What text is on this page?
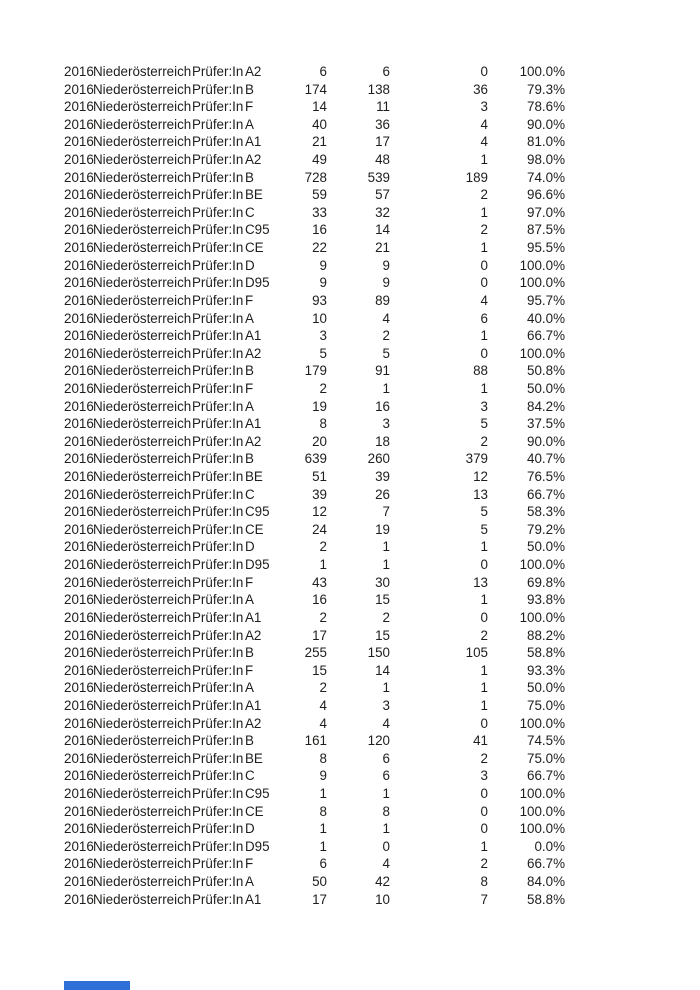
2016 Niederösterreich Prüfer:In A2	6	6	0	100.0%
2016 Niederösterreich Prüfer:In B	174	138	36	79.3%
2016 Niederösterreich Prüfer:In F	14	11	3	78.6%
2016 Niederösterreich Prüfer:In A	40	36	4	90.0%
2016 Niederösterreich Prüfer:In A1	21	17	4	81.0%
2016 Niederösterreich Prüfer:In A2	49	48	1	98.0%
2016 Niederösterreich Prüfer:In B	728	539	189	74.0%
2016 Niederösterreich Prüfer:In BE	59	57	2	96.6%
2016 Niederösterreich Prüfer:In C	33	32	1	97.0%
2016 Niederösterreich Prüfer:In C95	16	14	2	87.5%
2016 Niederösterreich Prüfer:In CE	22	21	1	95.5%
2016 Niederösterreich Prüfer:In D	9	9	0	100.0%
2016 Niederösterreich Prüfer:In D95	9	9	0	100.0%
2016 Niederösterreich Prüfer:In F	93	89	4	95.7%
2016 Niederösterreich Prüfer:In A	10	4	6	40.0%
2016 Niederösterreich Prüfer:In A1	3	2	1	66.7%
2016 Niederösterreich Prüfer:In A2	5	5	0	100.0%
2016 Niederösterreich Prüfer:In B	179	91	88	50.8%
2016 Niederösterreich Prüfer:In F	2	1	1	50.0%
2016 Niederösterreich Prüfer:In A	19	16	3	84.2%
2016 Niederösterreich Prüfer:In A1	8	3	5	37.5%
2016 Niederösterreich Prüfer:In A2	20	18	2	90.0%
2016 Niederösterreich Prüfer:In B	639	260	379	40.7%
2016 Niederösterreich Prüfer:In BE	51	39	12	76.5%
2016 Niederösterreich Prüfer:In C	39	26	13	66.7%
2016 Niederösterreich Prüfer:In C95	12	7	5	58.3%
2016 Niederösterreich Prüfer:In CE	24	19	5	79.2%
2016 Niederösterreich Prüfer:In D	2	1	1	50.0%
2016 Niederösterreich Prüfer:In D95	1	1	0	100.0%
2016 Niederösterreich Prüfer:In F	43	30	13	69.8%
2016 Niederösterreich Prüfer:In A	16	15	1	93.8%
2016 Niederösterreich Prüfer:In A1	2	2	0	100.0%
2016 Niederösterreich Prüfer:In A2	17	15	2	88.2%
2016 Niederösterreich Prüfer:In B	255	150	105	58.8%
2016 Niederösterreich Prüfer:In F	15	14	1	93.3%
2016 Niederösterreich Prüfer:In A	2	1	1	50.0%
2016 Niederösterreich Prüfer:In A1	4	3	1	75.0%
2016 Niederösterreich Prüfer:In A2	4	4	0	100.0%
2016 Niederösterreich Prüfer:In B	161	120	41	74.5%
2016 Niederösterreich Prüfer:In BE	8	6	2	75.0%
2016 Niederösterreich Prüfer:In C	9	6	3	66.7%
2016 Niederösterreich Prüfer:In C95	1	1	0	100.0%
2016 Niederösterreich Prüfer:In CE	8	8	0	100.0%
2016 Niederösterreich Prüfer:In D	1	1	0	100.0%
2016 Niederösterreich Prüfer:In D95	1	0	1	0.0%
2016 Niederösterreich Prüfer:In F	6	4	2	66.7%
2016 Niederösterreich Prüfer:In A	50	42	8	84.0%
2016 Niederösterreich Prüfer:In A1	17	10	7	58.8%
